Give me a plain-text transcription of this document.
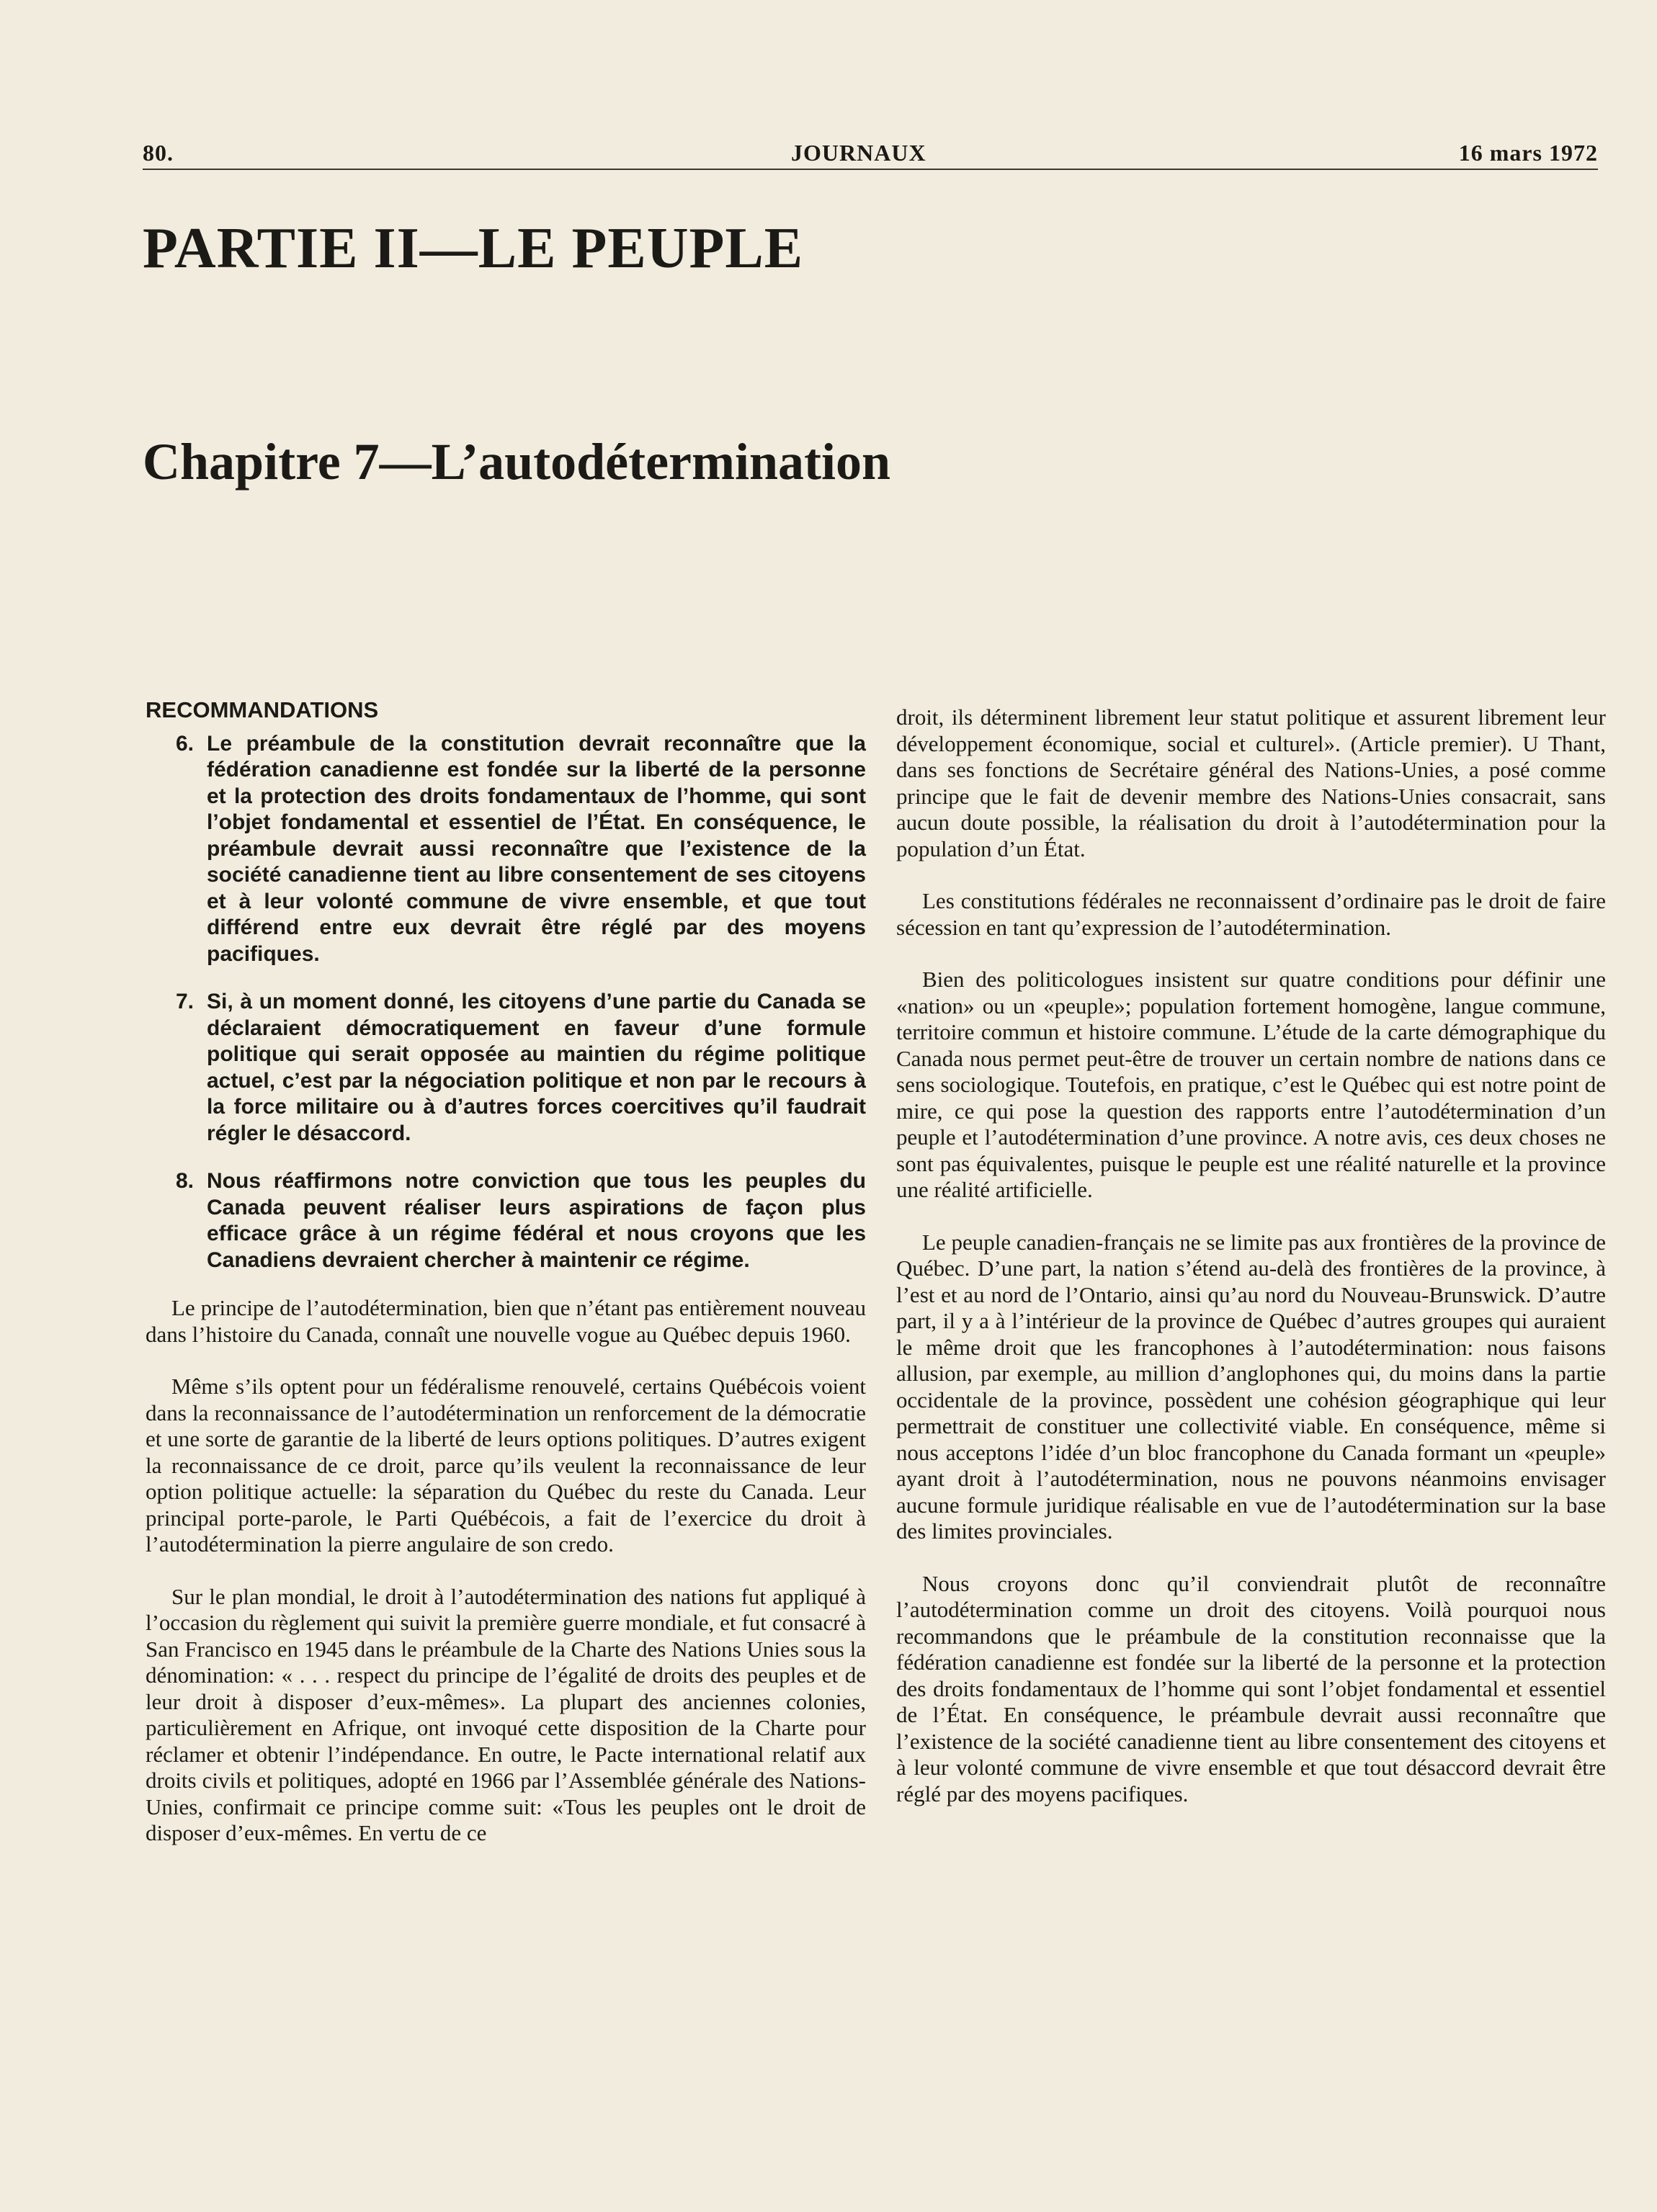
80.	JOURNAUX	16 mars 1972
PARTIE II—LE PEUPLE
Chapitre 7—L’autodétermination

RECOMMANDATIONS

6. Le préambule de la constitution devrait reconnaître que la fédération canadienne est fondée sur la liberté de la personne et la protection des droits fondamentaux de l’homme, qui sont l’objet fondamental et essentiel de l’État. En conséquence, le préambule devrait aussi reconnaître que l’existence de la société canadienne tient au libre consentement de ses citoyens et à leur volonté commune de vivre ensemble, et que tout différend entre eux devrait être réglé par des moyens pacifiques.
7. Si, à un moment donné, les citoyens d’une partie du Canada se déclaraient démocratiquement en faveur d’une formule politique qui serait opposée au maintien du régime politique actuel, c’est par la négociation politique et non par le recours à la force militaire ou à d’autres forces coercitives qu’il faudrait régler le désaccord.
8. Nous réaffirmons notre conviction que tous les peuples du Canada peuvent réaliser leurs aspirations de façon plus efficace grâce à un régime fédéral et nous croyons que les Canadiens devraient chercher à maintenir ce régime.

Le principe de l’autodétermination, bien que n’étant pas entièrement nouveau dans l’histoire du Canada, connaît une nouvelle vogue au Québec depuis 1960.

Même s’ils optent pour un fédéralisme renouvelé, certains Québécois voient dans la reconnaissance de l’autodétermination un renforcement de la démocratie et une sorte de garantie de la liberté de leurs options politiques. D’autres exigent la reconnaissance de ce droit, parce qu’ils veulent la reconnaissance de leur option politique actuelle: la séparation du Québec du reste du Canada. Leur principal porte-parole, le Parti Québécois, a fait de l’exercice du droit à l’autodétermination la pierre angulaire de son credo.

Sur le plan mondial, le droit à l’autodétermination des nations fut appliqué à l’occasion du règlement qui suivit la première guerre mondiale, et fut consacré à San Francisco en 1945 dans le préambule de la Charte des Nations Unies sous la dénomination: « . . . respect du principe de l’égalité de droits des peuples et de leur droit à disposer d’eux-mêmes». La plupart des anciennes colonies, particulièrement en Afrique, ont invoqué cette disposition de la Charte pour réclamer et obtenir l’indépendance. En outre, le Pacte international relatif aux droits civils et politiques, adopté en 1966 par l’Assemblée générale des Nations-Unies, confirmait ce principe comme suit: «Tous les peuples ont le droit de disposer d’eux-mêmes. En vertu de ce

droit, ils déterminent librement leur statut politique et assurent librement leur développement économique, social et culturel». (Article premier). U Thant, dans ses fonctions de Secrétaire général des Nations-Unies, a posé comme principe que le fait de devenir membre des Nations-Unies consacrait, sans aucun doute possible, la réalisation du droit à l’autodétermination pour la population d’un État.

Les constitutions fédérales ne reconnaissent d’ordinaire pas le droit de faire sécession en tant qu’expression de l’autodétermination.

Bien des politicologues insistent sur quatre conditions pour définir une «nation» ou un «peuple»; population fortement homogène, langue commune, territoire commun et histoire commune. L’étude de la carte démographique du Canada nous permet peut-être de trouver un certain nombre de nations dans ce sens sociologique. Toutefois, en pratique, c’est le Québec qui est notre point de mire, ce qui pose la question des rapports entre l’autodétermination d’un peuple et l’autodétermination d’une province. A notre avis, ces deux choses ne sont pas équivalentes, puisque le peuple est une réalité naturelle et la province une réalité artificielle.

Le peuple canadien-français ne se limite pas aux frontières de la province de Québec. D’une part, la nation s’étend au-delà des frontières de la province, à l’est et au nord de l’Ontario, ainsi qu’au nord du Nouveau-Brunswick. D’autre part, il y a à l’intérieur de la province de Québec d’autres groupes qui auraient le même droit que les francophones à l’autodétermination: nous faisons allusion, par exemple, au million d’anglophones qui, du moins dans la partie occidentale de la province, possèdent une cohésion géographique qui leur permettrait de constituer une collectivité viable. En conséquence, même si nous acceptons l’idée d’un bloc francophone du Canada formant un «peuple» ayant droit à l’autodétermination, nous ne pouvons néanmoins envisager aucune formule juridique réalisable en vue de l’autodétermination sur la base des limites provinciales.

Nous croyons donc qu’il conviendrait plutôt de reconnaître l’autodétermination comme un droit des citoyens. Voilà pourquoi nous recommandons que le préambule de la constitution reconnaisse que la fédération canadienne est fondée sur la liberté de la personne et la protection des droits fondamentaux de l’homme qui sont l’objet fondamental et essentiel de l’État. En conséquence, le préambule devrait aussi reconnaître que l’existence de la société canadienne tient au libre consentement des citoyens et à leur volonté commune de vivre ensemble et que tout désaccord devrait être réglé par des moyens pacifiques.
